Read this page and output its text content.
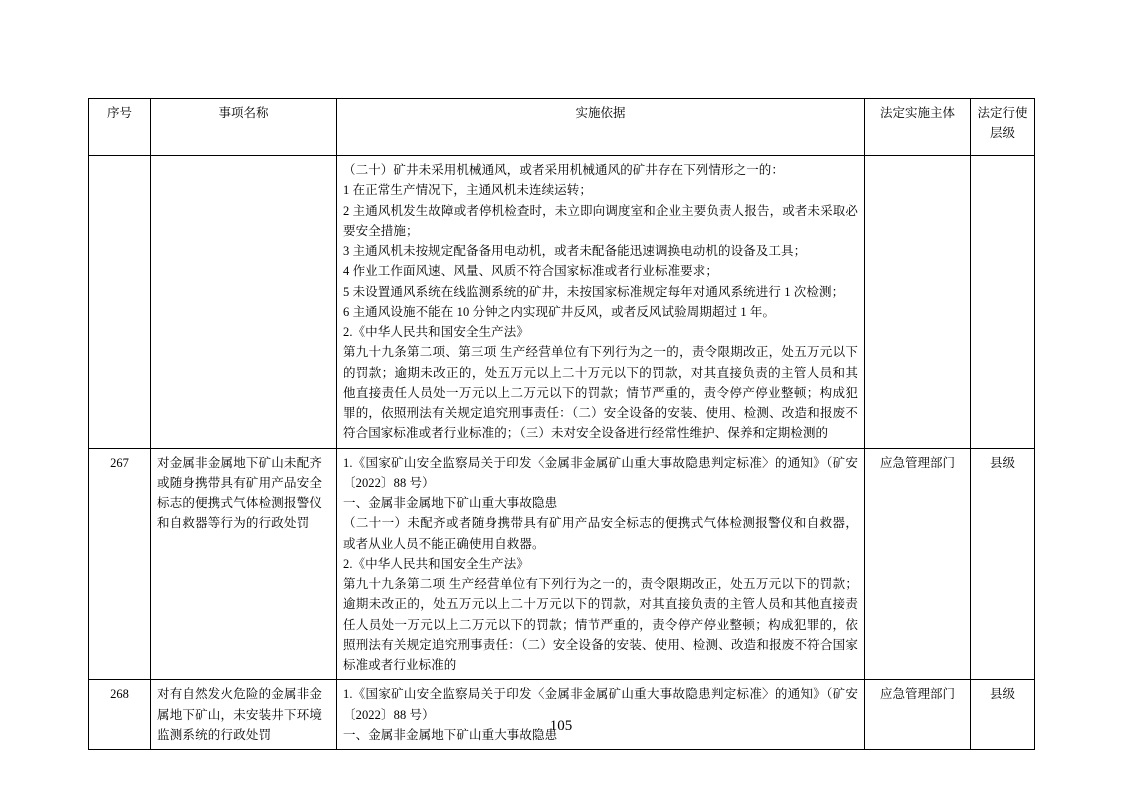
序号	事项名称	实施依据	法定实施主体	法定行使层级

（二十）矿井未采用机械通风，或者采用机械通风的矿井存在下列情形之一的：

1 在正常生产情况下，主通风机未连续运转；

2 主通风机发生故障或者停机检查时，未立即向调度室和企业主要负责人报告，或者未采取必要安全措施；

3 主通风机未按规定配备备用电动机，或者未配备能迅速调换电动机的设备及工具；

4 作业工作面风速、风量、风质不符合国家标准或者行业标准要求；

5 未设置通风系统在线监测系统的矿井，未按国家标准规定每年对通风系统进行 1 次检测；

6 主通风设施不能在 10 分钟之内实现矿井反风，或者反风试验周期超过 1 年。

2.《中华人民共和国安全生产法》

第九十九条第二项、第三项 生产经营单位有下列行为之一的，责令限期改正，处五万元以下的罚款；逾期未改正的，处五万元以上二十万元以下的罚款，对其直接负责的主管人员和其他直接责任人员处一万元以上二万元以下的罚款；情节严重的，责令停产停业整顿；构成犯罪的，依照刑法有关规定追究刑事责任：（二）安全设备的安装、使用、检测、改造和报废不符合国家标准或者行业标准的；（三）未对安全设备进行经常性维护、保养和定期检测的

267	对金属非金属地下矿山未配齐或随身携带具有矿用产品安全标志的便携式气体检测报警仪和自救器等行为的行政处罚	1.《国家矿山安全监察局关于印发〈金属非金属矿山重大事故隐患判定标准〉的通知》（矿安〔2022〕88 号）

一、金属非金属地下矿山重大事故隐患

（二十一）未配齐或者随身携带具有矿用产品安全标志的便携式气体检测报警仪和自救器，或者从业人员不能正确使用自救器。

2.《中华人民共和国安全生产法》

第九十九条第二项 生产经营单位有下列行为之一的，责令限期改正，处五万元以下的罚款；逾期未改正的，处五万元以上二十万元以下的罚款，对其直接负责的主管人员和其他直接责任人员处一万元以上二万元以下的罚款；情节严重的，责令停产停业整顿；构成犯罪的，依照刑法有关规定追究刑事责任：（二）安全设备的安装、使用、检测、改造和报废不符合国家标准或者行业标准的	应急管理部门	县级
268	对有自然发火危险的金属非金属地下矿山，未安装井下环境监测系统的行政处罚	1.《国家矿山安全监察局关于印发〈金属非金属矿山重大事故隐患判定标准〉的通知》（矿安〔2022〕88 号）

一、金属非金属地下矿山重大事故隐患	应急管理部门	县级
105
